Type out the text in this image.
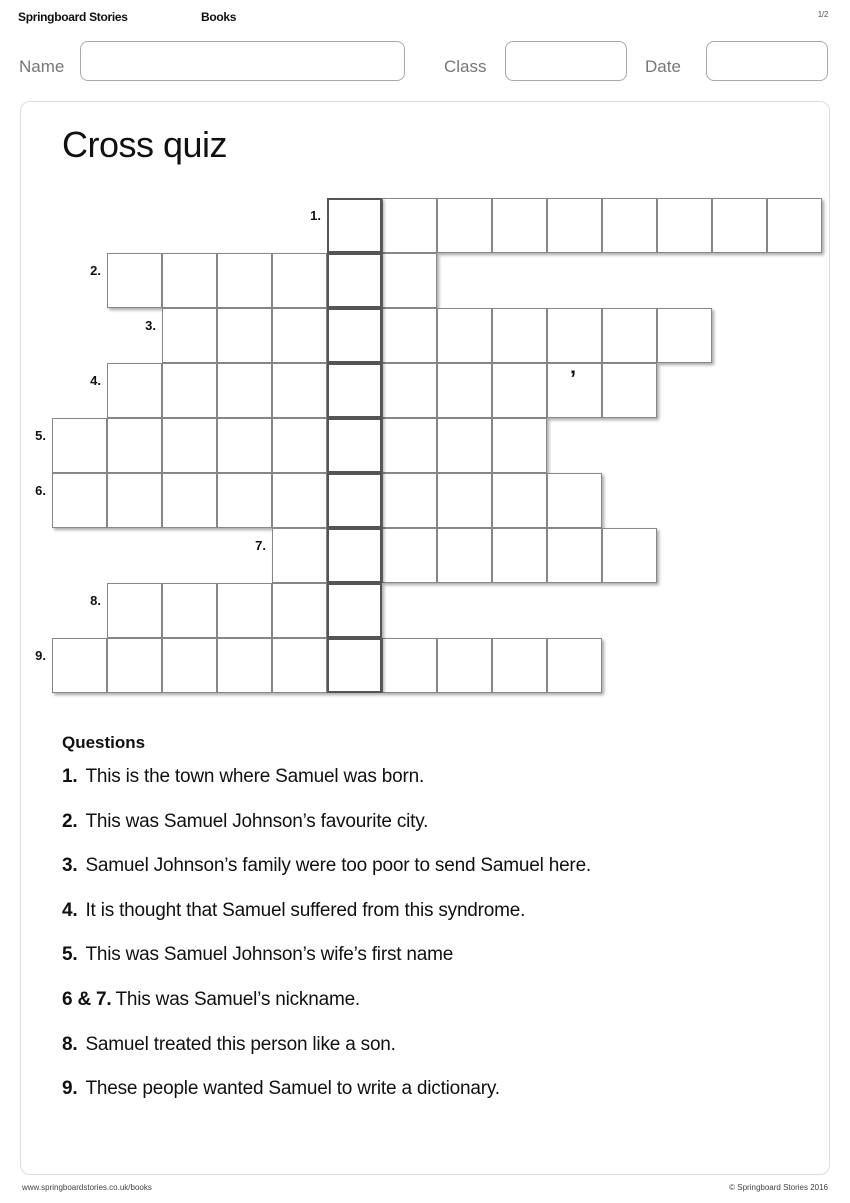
Springboard Stories	Books	1/2
Name	Class	Date
Cross quiz
1.
2.
3.
4.	’
5.
6.
7.
8.
9.
Questions
1. This is the town where Samuel was born.
2. This was Samuel Johnson’s favourite city.
3. Samuel Johnson’s family were too poor to send Samuel here.
4. It is thought that Samuel suffered from this syndrome.
5. This was Samuel Johnson’s wife’s first name
6 & 7. This was Samuel’s nickname.
8. Samuel treated this person like a son.
9. These people wanted Samuel to write a dictionary.
www.springboardstories.co.uk/books	© Springboard Stories 2016
